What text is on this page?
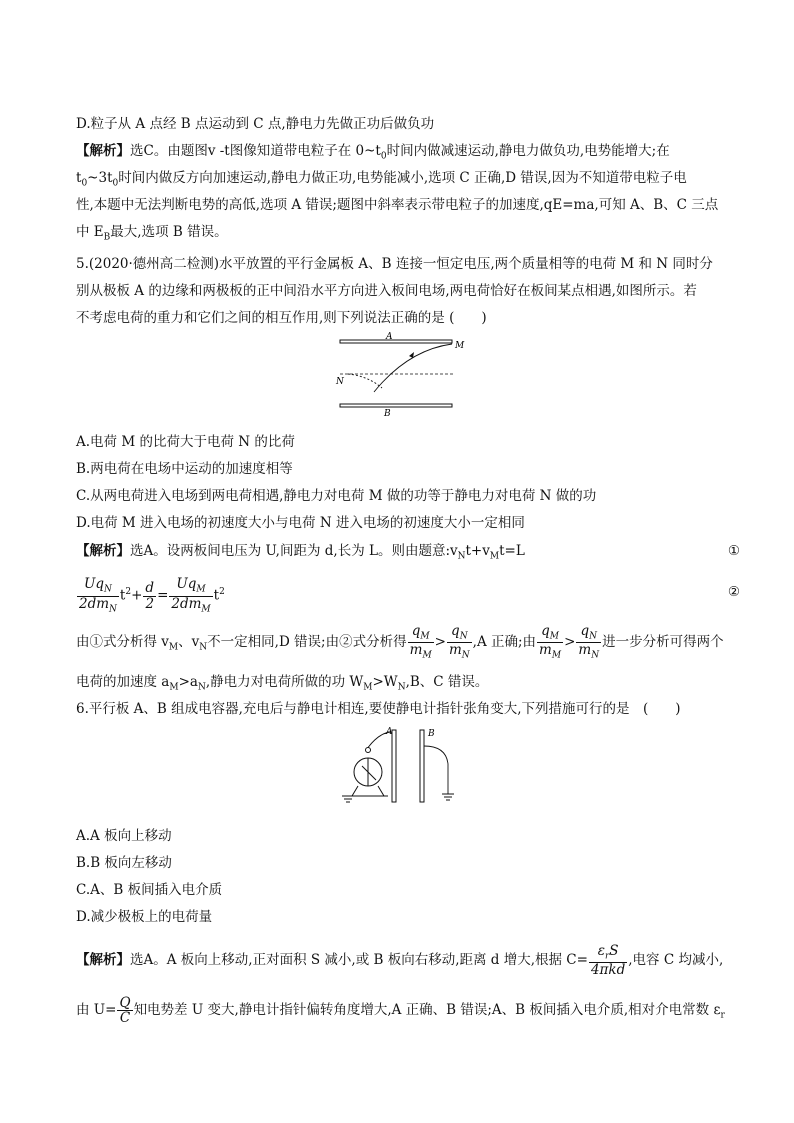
D.粒子从 A 点经 B 点运动到 C 点,静电力先做正功后做负功
【解析】选C。由题图v -t图像知道带电粒子在 $0\sim t_0$时间内做减速运动,静电力做负功,电势能增大;在
$t_0\sim 3t_0$时间内做反方向加速运动,静电力做正功,电势能减小,选项 C 正确,D 错误,因为不知道带电粒子电
性,本题中无法判断电势的高低,选项 A 错误;题图中斜率表示带电粒子的加速度,qE=ma,可知 A、B、C 三点
中 $E_B$最大,选项 B 错误。
5.(2020·德州高二检测)水平放置的平行金属板 A、B 连接一恒定电压,两个质量相等的电荷 M 和 N 同时分
别从极板 A 的边缘和两极板的正中间沿水平方向进入板间电场,两电荷恰好在板间某点相遇,如图所示。若
不考虑电荷的重力和它们之间的相互作用,则下列说法正确的是 (　　)
A
B
M
N
A.电荷 M 的比荷大于电荷 N 的比荷
B.两电荷在电场中运动的加速度相等
C.从两电荷进入电场到两电荷相遇,静电力对电荷 M 做的功等于静电力对电荷 N 做的功
D.电荷 M 进入电场的初速度大小与电荷 N 进入电场的初速度大小一定相同
【解析】选A。设两板间电压为 U,间距为 d,长为 L。则由题意$:v_Nt+v_Mt=L$	①
$\frac{Uq_N}{2dm_N} t^2+ \frac{d}{2} = \frac{Uq_M}{2dm_M} t^2$	②
由①式分析得 $v_M$、$v_N$不一定相同,D 错误;由②式分析得 $\frac{q_M}{m_M} > \frac{q_N}{m_N} ,A$ 正确;由 $\frac{q_M}{m_M} > \frac{q_N}{m_N}$ 进一步分析可得两个
电荷的加速度 $a_M>a_N$,静电力对电荷所做的功 $W_M>W_N,B$、C 错误。
6.平行板 A、B 组成电容器,充电后与静电计相连,要使静电计指针张角变大,下列措施可行的是　(　　)
A	B
A.A 板向上移动
B.B 板向左移动
C.A、B 板间插入电介质
D.减少极板上的电荷量
【解析】选A。A 板向上移动,正对面积 S 减小,或 B 板向右移动,距离 d 增大,根据 $C= \frac{\varepsilon_rS}{\text{4πkd}}$ ,电容 C 均减小,
由 $U= \frac{Q}{C}$ 知电势差 U 变大,静电计指针偏转角度增大,A 正确、B 错误;A、B 板间插入电介质,相对介电常数 $\varepsilon_r$
